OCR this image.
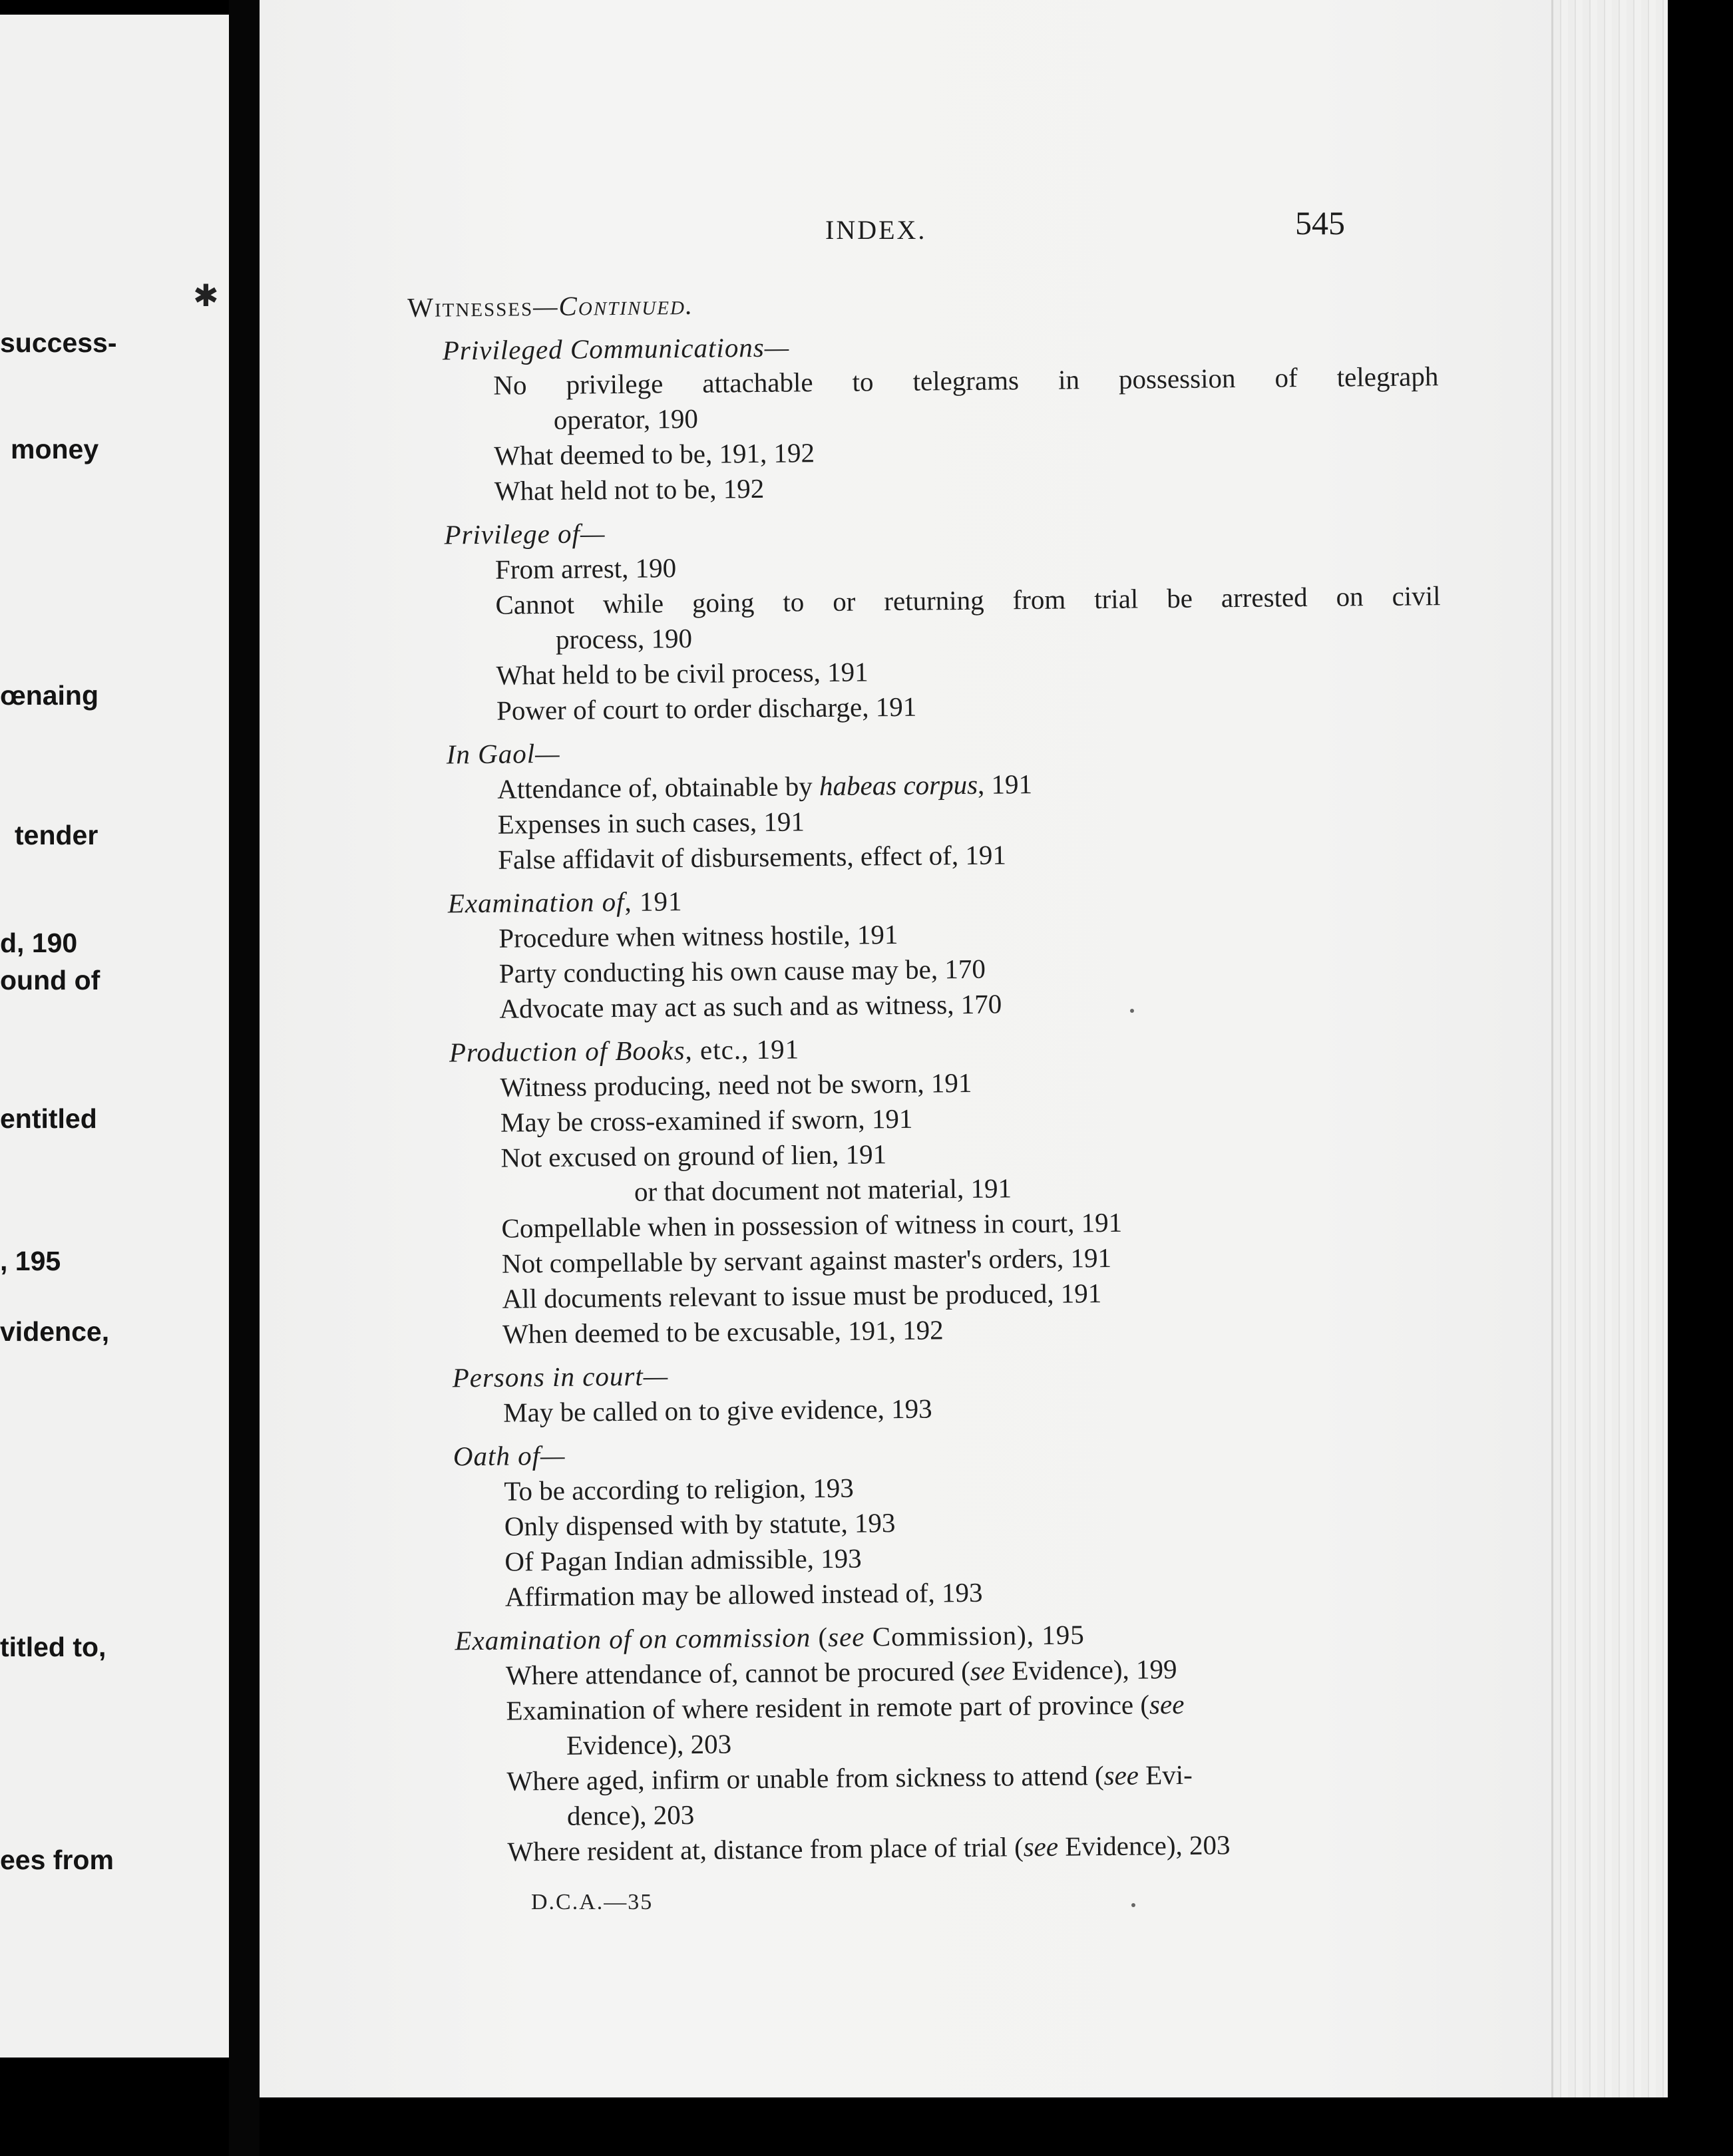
success-
money
œnaing
tender
d, 190
ound of
entitled
, 195
vidence,
titled to,
ees from
✱
INDEX.	545
Witnesses—Continued.
Privileged Communications—
No privilege attachable to telegrams in possession of telegraph
operator, 190
What deemed to be, 191, 192
What held not to be, 192
Privilege of—
From arrest, 190
Cannot while going to or returning from trial be arrested on civil
process, 190
What held to be civil process, 191
Power of court to order discharge, 191
In Gaol—
Attendance of, obtainable by habeas corpus, 191
Expenses in such cases, 191
False affidavit of disbursements, effect of, 191
Examination of, 191
Procedure when witness hostile, 191
Party conducting his own cause may be, 170
Advocate may act as such and as witness, 170
Production of Books, etc., 191
Witness producing, need not be sworn, 191
May be cross-examined if sworn, 191
Not excused on ground of lien, 191
or that document not material, 191
Compellable when in possession of witness in court, 191
Not compellable by servant against master's orders, 191
All documents relevant to issue must be produced, 191
When deemed to be excusable, 191, 192
Persons in court—
May be called on to give evidence, 193
Oath of—
To be according to religion, 193
Only dispensed with by statute, 193
Of Pagan Indian admissible, 193
Affirmation may be allowed instead of, 193
Examination of on commission (see Commission), 195
Where attendance of, cannot be procured (see Evidence), 199
Examination of where resident in remote part of province (see
Evidence), 203
Where aged, infirm or unable from sickness to attend (see Evi-
dence), 203
Where resident at, distance from place of trial (see Evidence), 203
D.C.A.—35
